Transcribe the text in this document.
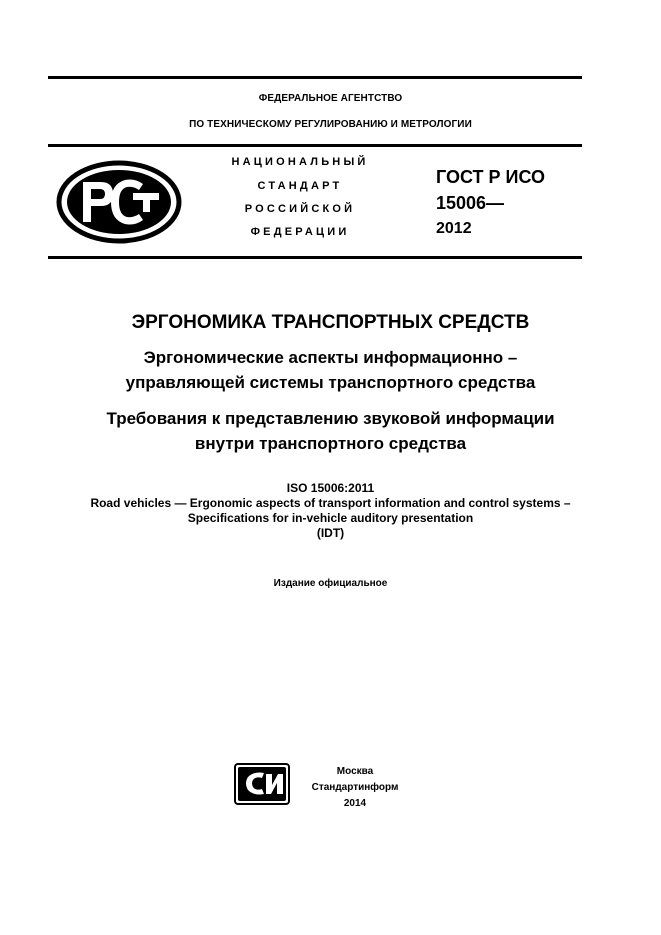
ФЕДЕРАЛЬНОЕ АГЕНТСТВО
ПО ТЕХНИЧЕСКОМУ РЕГУЛИРОВАНИЮ И МЕТРОЛОГИИ
НАЦИОНАЛЬНЫЙ
СТАНДАРТ
РОССИЙСКОЙ
ФЕДЕРАЦИИ
ГОСТ Р ИСО
15006—
2012
ЭРГОНОМИКА ТРАНСПОРТНЫХ СРЕДСТВ
Эргономические аспекты информационно –
управляющей системы транспортного средства
Требования к представлению звуковой информации
внутри транспортного средства
ISO 15006:2011
Road vehicles — Ergonomic aspects of transport information and control systems –
Specifications for in-vehicle auditory presentation
(IDT)
Издание официальное
Москва
Стандартинформ
2014
